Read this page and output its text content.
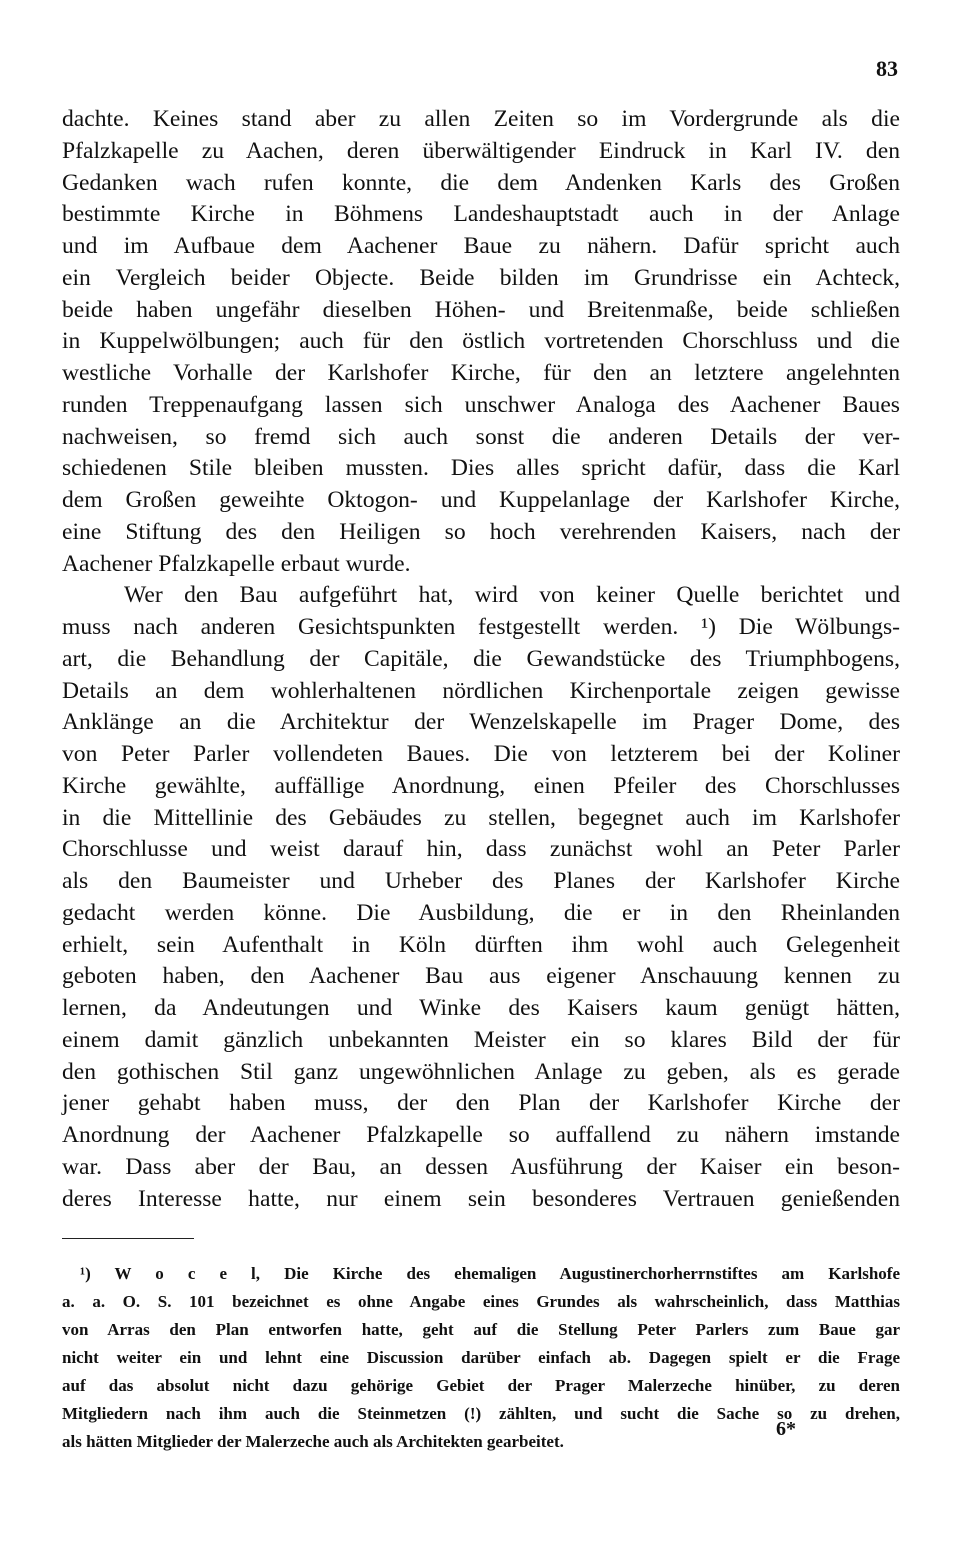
83
dachte. Keines stand aber zu allen Zeiten so im Vordergrunde als die
Pfalzkapelle zu Aachen, deren überwältigender Eindruck in Karl IV. den
Gedanken wach rufen konnte, die dem Andenken Karls des Großen
bestimmte Kirche in Böhmens Landeshauptstadt auch in der Anlage
und im Aufbaue dem Aachener Baue zu nähern. Dafür spricht auch
ein Vergleich beider Objecte. Beide bilden im Grundrisse ein Achteck,
beide haben ungefähr dieselben Höhen- und Breitenmaße, beide schließen
in Kuppelwölbungen; auch für den östlich vortretenden Chorschluss und die
westliche Vorhalle der Karlshofer Kirche, für den an letztere angelehnten
runden Treppenaufgang lassen sich unschwer Analoga des Aachener Baues
nachweisen, so fremd sich auch sonst die anderen Details der ver-
schiedenen Stile bleiben mussten. Dies alles spricht dafür, dass die Karl
dem Großen geweihte Oktogon- und Kuppelanlage der Karlshofer Kirche,
eine Stiftung des den Heiligen so hoch verehrenden Kaisers, nach der
Aachener Pfalzkapelle erbaut wurde.
Wer den Bau aufgeführt hat, wird von keiner Quelle berichtet und
muss nach anderen Gesichtspunkten festgestellt werden. ¹) Die Wölbungs-
art, die Behandlung der Capitäle, die Gewandstücke des Triumphbogens,
Details an dem wohlerhaltenen nördlichen Kirchenportale zeigen gewisse
Anklänge an die Architektur der Wenzelskapelle im Prager Dome, des
von Peter Parler vollendeten Baues. Die von letzterem bei der Koliner
Kirche gewählte, auffällige Anordnung, einen Pfeiler des Chorschlusses
in die Mittellinie des Gebäudes zu stellen, begegnet auch im Karlshofer
Chorschlusse und weist darauf hin, dass zunächst wohl an Peter Parler
als den Baumeister und Urheber des Planes der Karlshofer Kirche
gedacht werden könne. Die Ausbildung, die er in den Rheinlanden
erhielt, sein Aufenthalt in Köln dürften ihm wohl auch Gelegenheit
geboten haben, den Aachener Bau aus eigener Anschauung kennen zu
lernen, da Andeutungen und Winke des Kaisers kaum genügt hätten,
einem damit gänzlich unbekannten Meister ein so klares Bild der für
den gothischen Stil ganz ungewöhnlichen Anlage zu geben, als es gerade
jener gehabt haben muss, der den Plan der Karlshofer Kirche der
Anordnung der Aachener Pfalzkapelle so auffallend zu nähern imstande
war. Dass aber der Bau, an dessen Ausführung der Kaiser ein beson-
deres Interesse hatte, nur einem sein besonderes Vertrauen genießenden
¹) W o c e l, Die Kirche des ehemaligen Augustinerchorherrnstiftes am Karlshofe
a. a. O. S. 101 bezeichnet es ohne Angabe eines Grundes als wahrscheinlich, dass Matthias
von Arras den Plan entworfen hatte, geht auf die Stellung Peter Parlers zum Baue gar
nicht weiter ein und lehnt eine Discussion darüber einfach ab. Dagegen spielt er die Frage
auf das absolut nicht dazu gehörige Gebiet der Prager Malerzeche hinüber, zu deren
Mitgliedern nach ihm auch die Steinmetzen (!) zählten, und sucht die Sache so zu drehen,
als hätten Mitglieder der Malerzeche auch als Architekten gearbeitet.
6*
